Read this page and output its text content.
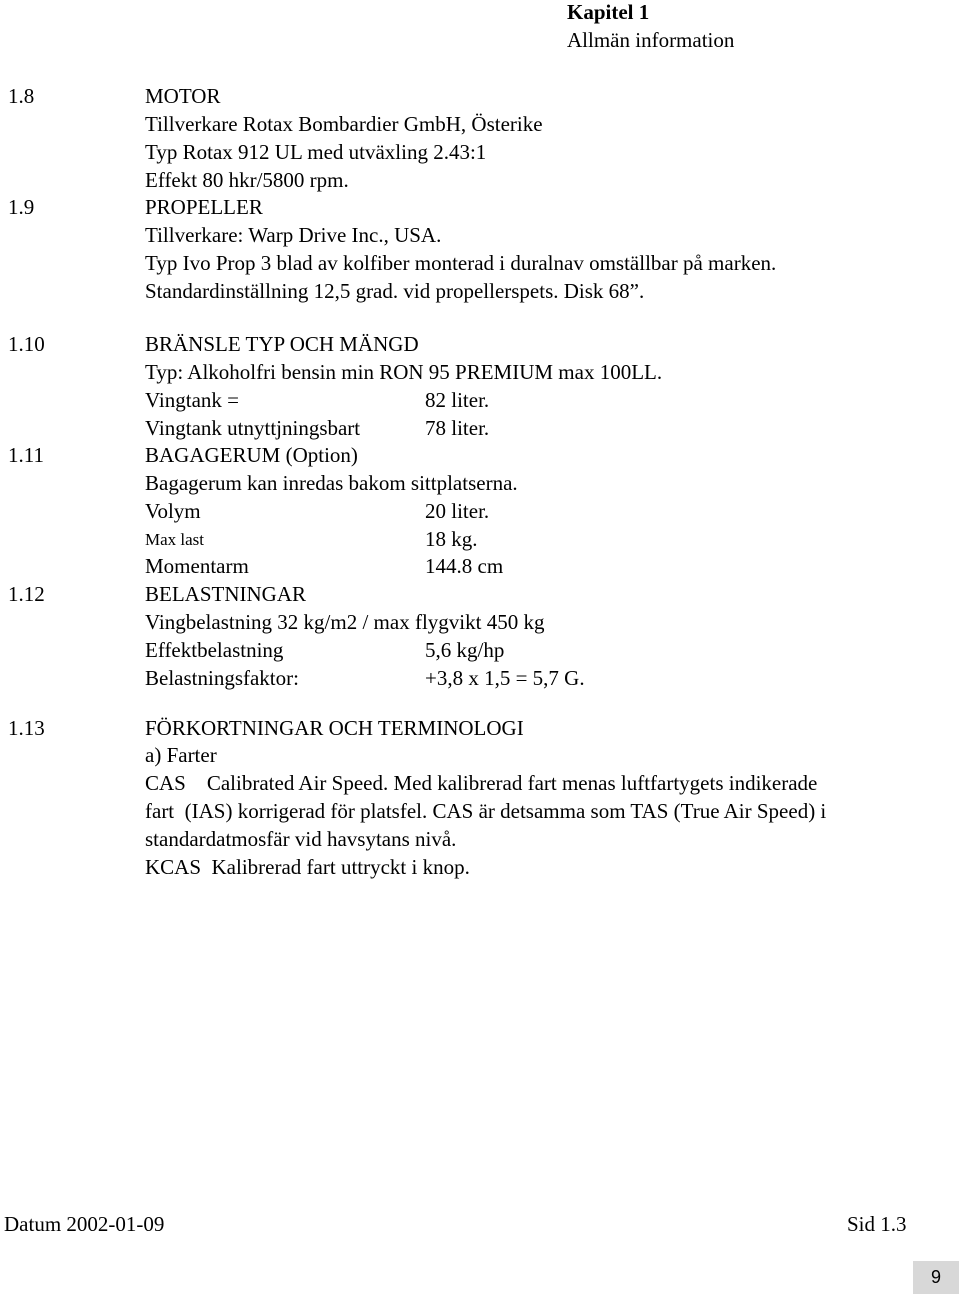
Kapitel 1
Allmän information
1.8	MOTOR
Tillverkare Rotax Bombardier GmbH, Österike
Typ Rotax 912 UL med utväxling 2.43:1
Effekt 80 hkr/5800 rpm.
1.9	PROPELLER
Tillverkare: Warp Drive Inc., USA.
Typ Ivo Prop 3 blad av kolfiber monterad i duralnav omställbar på marken.
Standardinställning 12,5 grad. vid propellerspets. Disk 68”.
1.10	BRÄNSLE TYP OCH MÄNGD
Typ: Alkoholfri bensin min RON 95 PREMIUM max 100LL.
Vingtank =	82 liter.
Vingtank utnyttjningsbart	78 liter.
1.11	BAGAGERUM (Option)
Bagagerum kan inredas bakom sittplatserna.
Volym	20 liter.
Max last	18 kg.
Momentarm	144.8 cm
1.12	BELASTNINGAR
Vingbelastning 32 kg/m2 / max flygvikt 450 kg
Effektbelastning	5,6 kg/hp
Belastningsfaktor:	+3,8 x 1,5 = 5,7 G.
1.13	FÖRKORTNINGAR OCH TERMINOLOGI
a) Farter
CAS    Calibrated Air Speed. Med kalibrerad fart menas luftfartygets indikerade
fart  (IAS) korrigerad för platsfel. CAS är detsamma som TAS (True Air Speed) i
standardatmosfär vid havsytans nivå.
KCAS  Kalibrerad fart uttryckt i knop.
Datum 2002-01-09	Sid 1.3
9
